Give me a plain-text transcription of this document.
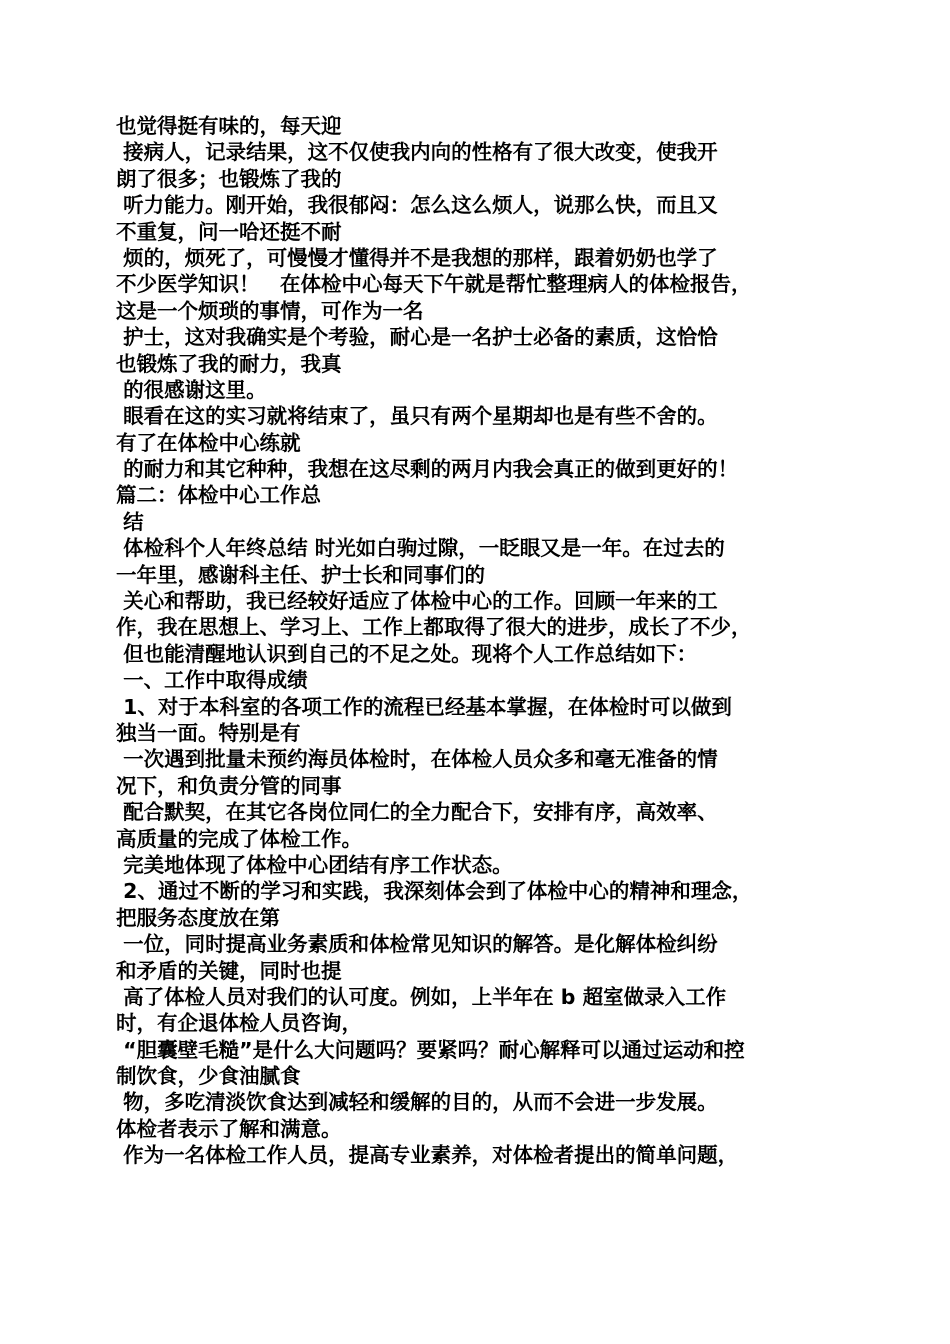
也觉得挺有味的，每天迎
接病人，记录结果，这不仅使我内向的性格有了很大改变，使我开
朗了很多；也锻炼了我的
听力能力。刚开始，我很郁闷：怎么这么烦人，说那么快，而且又
不重复，问一哈还挺不耐
烦的，烦死了，可慢慢才懂得并不是我想的那样，跟着奶奶也学了
不少医学知识！　在体检中心每天下午就是帮忙整理病人的体检报告，
这是一个烦琐的事情，可作为一名
护士，这对我确实是个考验，耐心是一名护士必备的素质，这恰恰
也锻炼了我的耐力，我真
的很感谢这里。
眼看在这的实习就将结束了，虽只有两个星期却也是有些不舍的。
有了在体检中心练就
的耐力和其它种种，我想在这尽剩的两月内我会真正的做到更好的！
篇二：体检中心工作总
结
体检科个人年终总结 时光如白驹过隙，一眨眼又是一年。在过去的
一年里，感谢科主任、护士长和同事们的
关心和帮助，我已经较好适应了体检中心的工作。回顾一年来的工
作，我在思想上、学习上、工作上都取得了很大的进步，成长了不少，
但也能清醒地认识到自己的不足之处。现将个人工作总结如下：
一、工作中取得成绩
1、对于本科室的各项工作的流程已经基本掌握，在体检时可以做到
独当一面。特别是有
一次遇到批量未预约海员体检时，在体检人员众多和毫无准备的情
况下，和负责分管的同事
配合默契，在其它各岗位同仁的全力配合下，安排有序，高效率、
高质量的完成了体检工作。
完美地体现了体检中心团结有序工作状态。
2、通过不断的学习和实践，我深刻体会到了体检中心的精神和理念，
把服务态度放在第
一位，同时提高业务素质和体检常见知识的解答。是化解体检纠纷
和矛盾的关键，同时也提
高了体检人员对我们的认可度。例如，上半年在 b 超室做录入工作
时，有企退体检人员咨询，
“胆囊壁毛糙”是什么大问题吗？要紧吗？耐心解释可以通过运动和控
制饮食，少食油腻食
物，多吃清淡饮食达到减轻和缓解的目的，从而不会进一步发展。
体检者表示了解和满意。
作为一名体检工作人员，提高专业素养，对体检者提出的简单问题，
